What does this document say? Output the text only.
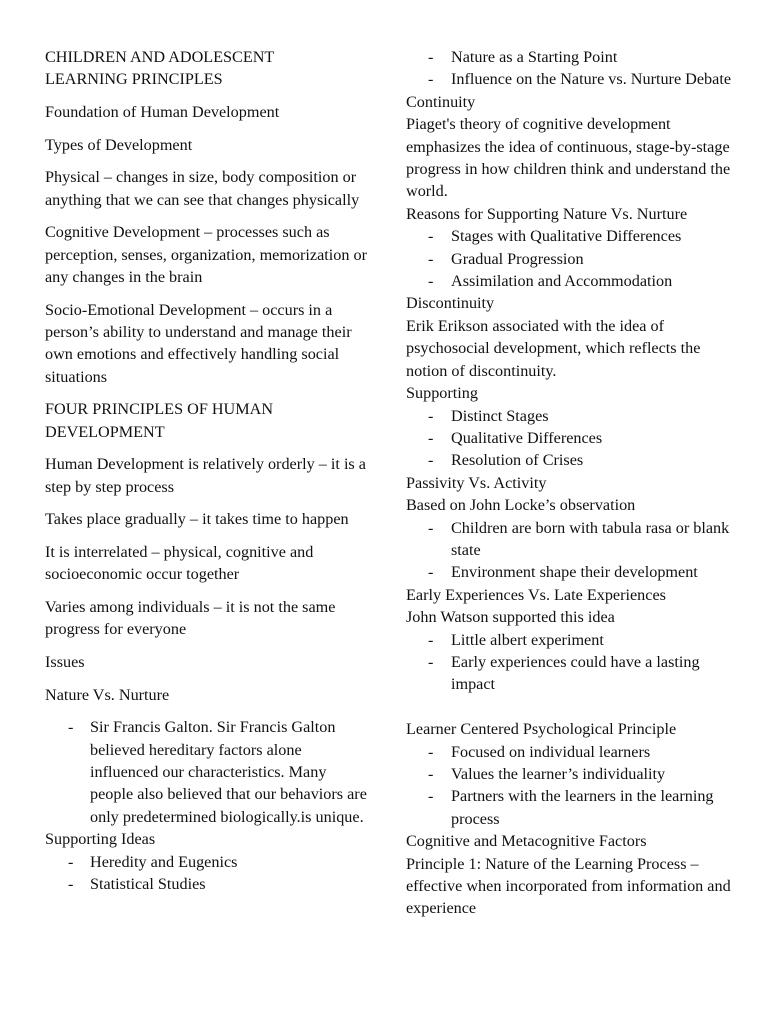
CHILDREN AND ADOLESCENT

LEARNING PRINCIPLES

Foundation of Human Development

Types of Development

Physical – changes in size, body composition or anything that we can see that changes physically

Cognitive Development – processes such as perception, senses, organization, memorization or any changes in the brain

Socio-Emotional Development – occurs in a person’s ability to understand and manage their own emotions and effectively handling social situations

FOUR PRINCIPLES OF HUMAN

DEVELOPMENT

Human Development is relatively orderly – it is a step by step process

Takes place gradually – it takes time to happen

It is interrelated – physical, cognitive and socioeconomic occur together

Varies among individuals – it is not the same progress for everyone

Issues

Nature Vs. Nurture

- Sir Francis Galton. Sir Francis Galton believed hereditary factors alone influenced our characteristics. Many people also believed that our behaviors are only predetermined biologically.is unique.

Supporting Ideas

- Heredity and Eugenics
- Statistical Studies
- Nature as a Starting Point
- Influence on the Nature vs. Nurture Debate

Continuity

Piaget's theory of cognitive development emphasizes the idea of continuous, stage-by-stage progress in how children think and understand the world.

Reasons for Supporting Nature Vs. Nurture

- Stages with Qualitative Differences
- Gradual Progression
- Assimilation and Accommodation

Discontinuity

Erik Erikson associated with the idea of psychosocial development, which reflects the notion of discontinuity.

Supporting

- Distinct Stages
- Qualitative Differences
- Resolution of Crises

Passivity Vs. Activity

Based on John Locke’s observation

- Children are born with tabula rasa or blank state
- Environment shape their development

Early Experiences Vs. Late Experiences

John Watson supported this idea

- Little albert experiment
- Early experiences could have a lasting impact

Learner Centered Psychological Principle

- Focused on individual learners
- Values the learner’s individuality
- Partners with the learners in the learning process

Cognitive and Metacognitive Factors

Principle 1: Nature of the Learning Process – effective when incorporated from information and experience
